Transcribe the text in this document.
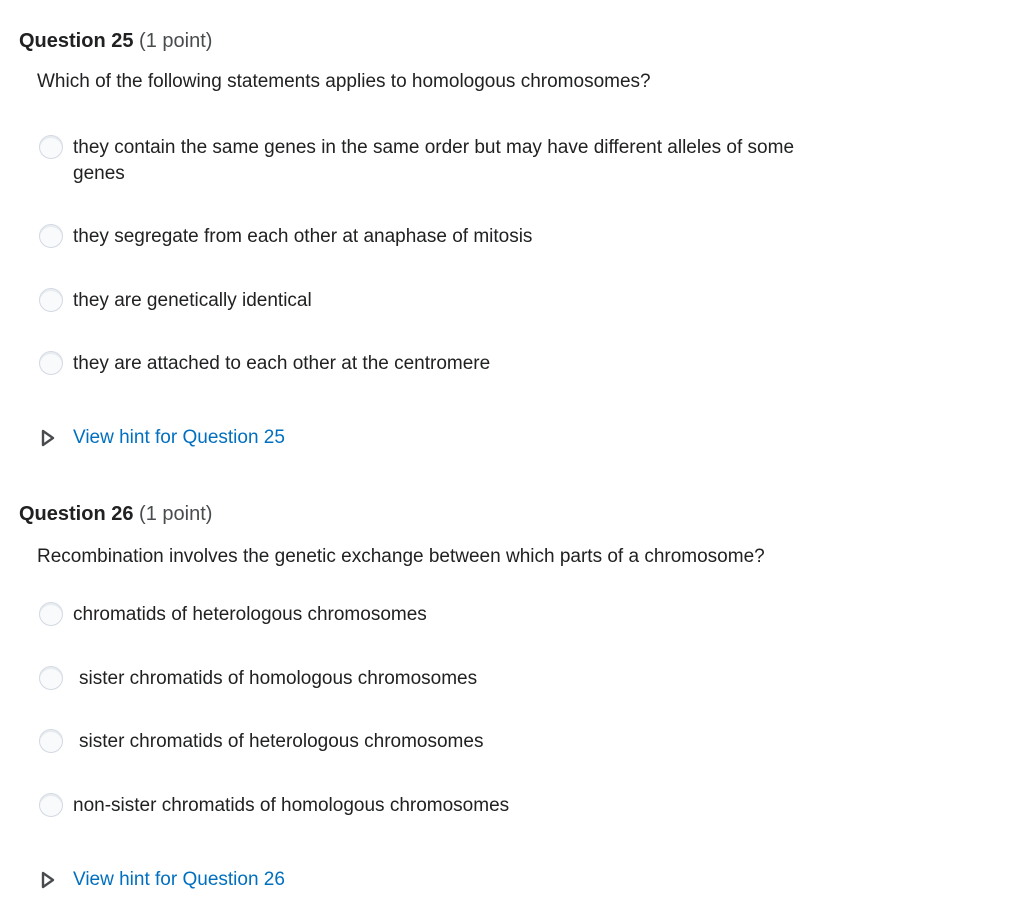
Question 25 (1 point)
Which of the following statements applies to homologous chromosomes?
they contain the same genes in the same order but may have different alleles of some genes
they segregate from each other at anaphase of mitosis
they are genetically identical
they are attached to each other at the centromere
View hint for Question 25
Question 26 (1 point)
Recombination involves the genetic exchange between which parts of a chromosome?
chromatids of heterologous chromosomes
sister chromatids of homologous chromosomes
sister chromatids of heterologous chromosomes
non-sister chromatids of homologous chromosomes
View hint for Question 26
